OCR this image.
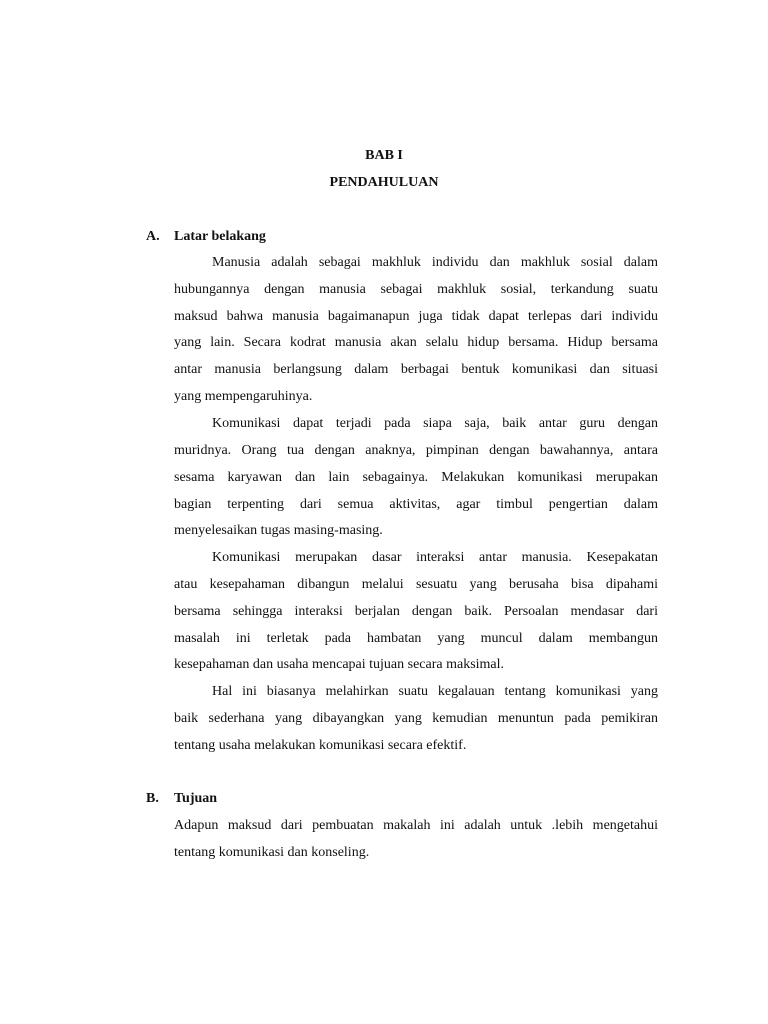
BAB I
PENDAHULUAN
A. Latar belakang
Manusia adalah sebagai makhluk individu dan makhluk sosial dalam
hubungannya dengan manusia sebagai makhluk sosial, terkandung suatu
maksud bahwa manusia bagaimanapun juga tidak dapat terlepas dari individu
yang lain. Secara kodrat manusia akan selalu hidup bersama. Hidup bersama
antar manusia berlangsung dalam berbagai bentuk komunikasi dan situasi
yang mempengaruhinya.
Komunikasi dapat terjadi pada siapa saja, baik antar guru dengan
muridnya. Orang tua dengan anaknya, pimpinan dengan bawahannya, antara
sesama karyawan dan lain sebagainya. Melakukan komunikasi merupakan
bagian terpenting dari semua aktivitas, agar timbul pengertian dalam
menyelesaikan tugas masing-masing.
Komunikasi merupakan dasar interaksi antar manusia. Kesepakatan
atau kesepahaman dibangun melalui sesuatu yang berusaha bisa dipahami
bersama sehingga interaksi berjalan dengan baik. Persoalan mendasar dari
masalah ini terletak pada hambatan yang muncul dalam membangun
kesepahaman dan usaha mencapai tujuan secara maksimal.
Hal ini biasanya melahirkan suatu kegalauan tentang komunikasi yang
baik sederhana yang dibayangkan yang kemudian menuntun pada pemikiran
tentang usaha melakukan komunikasi secara efektif.
B. Tujuan
Adapun maksud dari pembuatan makalah ini adalah untuk .lebih mengetahui
tentang komunikasi dan konseling.
